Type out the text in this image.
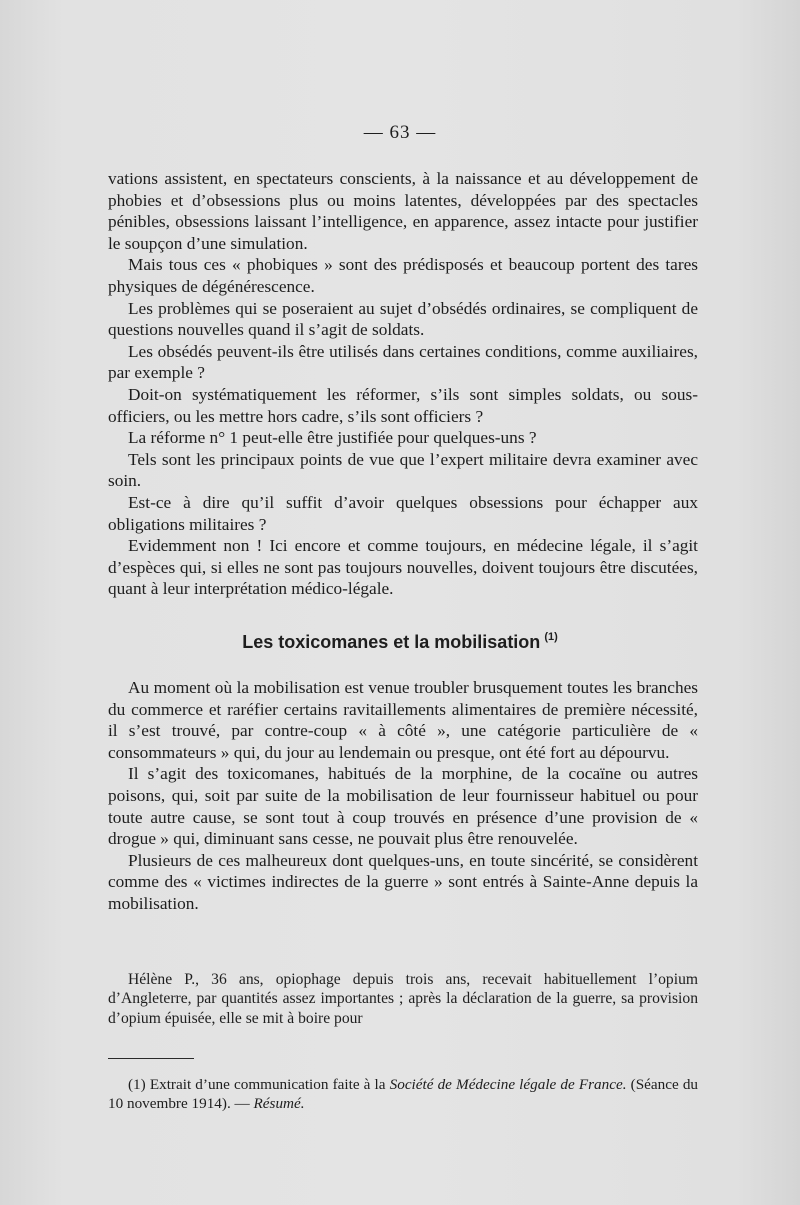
— 63 —

vations assistent, en spectateurs conscients, à la naissance et au développement de phobies et d’obsessions plus ou moins latentes, développées par des spectacles pénibles, obsessions laissant l’intelligence, en apparence, assez intacte pour justifier le soupçon d’une simulation.

Mais tous ces « phobiques » sont des prédisposés et beaucoup portent des tares physiques de dégénérescence.

Les problèmes qui se poseraient au sujet d’obsédés ordinaires, se compliquent de questions nouvelles quand il s’agit de soldats.

Les obsédés peuvent-ils être utilisés dans certaines conditions, comme auxiliaires, par exemple ?

Doit-on systématiquement les réformer, s’ils sont simples soldats, ou sous-officiers, ou les mettre hors cadre, s’ils sont officiers ?

La réforme n° 1 peut-elle être justifiée pour quelques-uns ?

Tels sont les principaux points de vue que l’expert militaire devra examiner avec soin.

Est-ce à dire qu’il suffit d’avoir quelques obsessions pour échapper aux obligations militaires ?

Evidemment non ! Ici encore et comme toujours, en médecine légale, il s’agit d’espèces qui, si elles ne sont pas toujours nouvelles, doivent toujours être discutées, quant à leur interprétation médico-légale.

Les toxicomanes et la mobilisation $^{(1)}$

Au moment où la mobilisation est venue troubler brusquement toutes les branches du commerce et raréfier certains ravitaillements alimentaires de première nécessité, il s’est trouvé, par contre-coup « à côté », une catégorie particulière de « consommateurs » qui, du jour au lendemain ou presque, ont été fort au dépourvu.

Il s’agit des toxicomanes, habitués de la morphine, de la cocaïne ou autres poisons, qui, soit par suite de la mobilisation de leur fournisseur habituel ou pour toute autre cause, se sont tout à coup trouvés en présence d’une provision de « drogue » qui, diminuant sans cesse, ne pouvait plus être renouvelée.

Plusieurs de ces malheureux dont quelques-uns, en toute sincérité, se considèrent comme des « victimes indirectes de la guerre » sont entrés à Sainte-Anne depuis la mobilisation.

Hélène P., 36 ans, opiophage depuis trois ans, recevait habituellement l’opium d’Angleterre, par quantités assez importantes ; après la déclaration de la guerre, sa provision d’opium épuisée, elle se mit à boire pour

(1) Extrait d’une communication faite à la Société de Médecine légale de France. (Séance du 10 novembre 1914). — Résumé.
